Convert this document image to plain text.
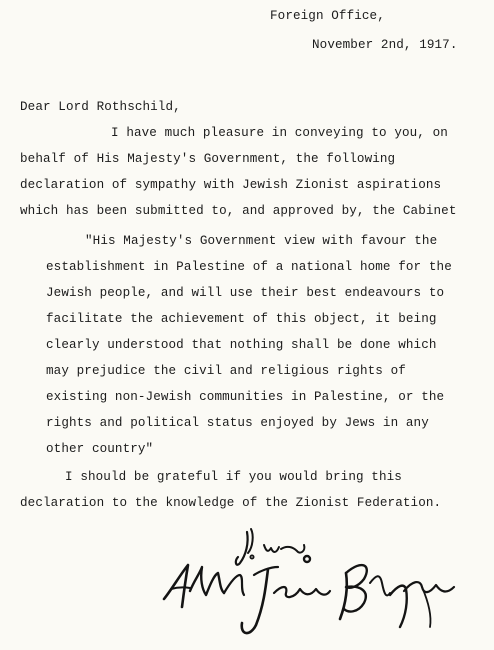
Foreign Office,
November 2nd, 1917.
Dear Lord Rothschild,
I have much pleasure in conveying to you, on
behalf of His Majesty's Government, the following
declaration of sympathy with Jewish Zionist aspirations
which has been submitted to, and approved by, the Cabinet
"His Majesty's Government view with favour the
establishment in Palestine of a national home for the
Jewish people, and will use their best endeavours to
facilitate the achievement of this object, it being
clearly understood that nothing shall be done which
may prejudice the civil and religious rights of
existing non-Jewish communities in Palestine, or the
rights and political status enjoyed by Jews in any
other country"
I should be grateful if you would bring this
declaration to the knowledge of the Zionist Federation.
